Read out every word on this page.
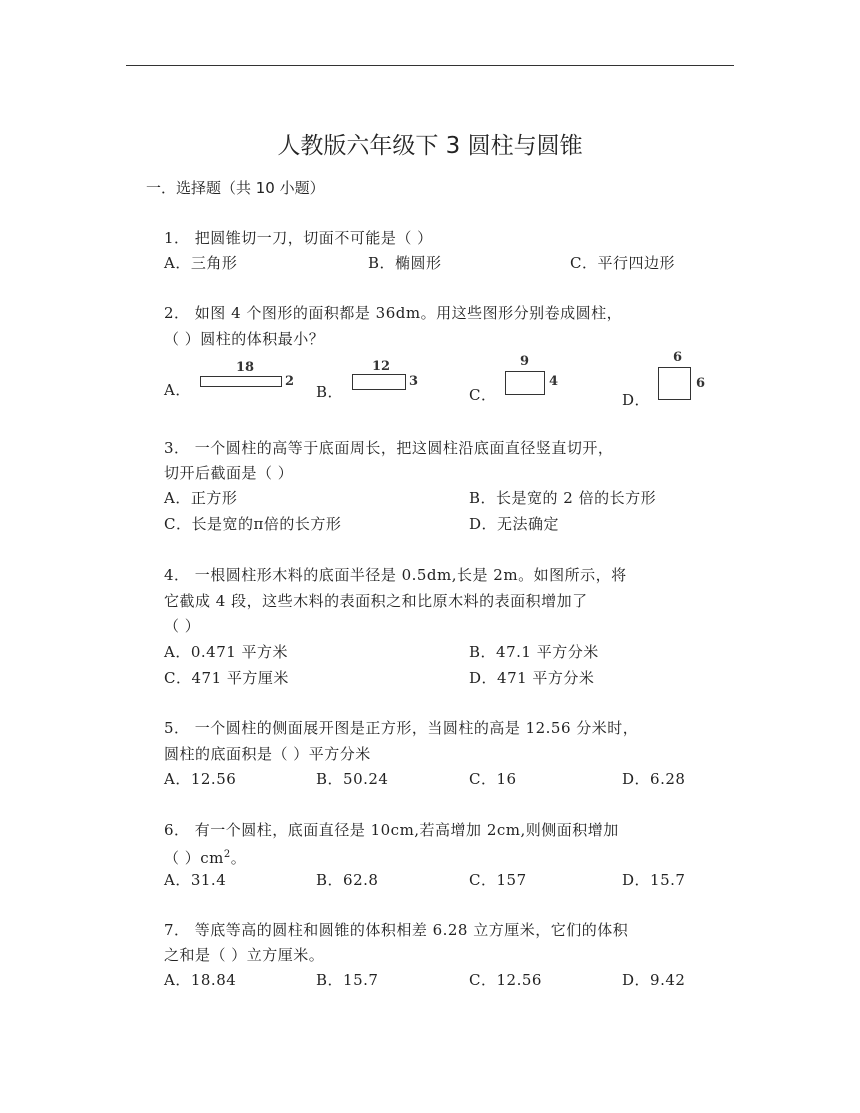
人教版六年级下 3 圆柱与圆锥
一．选择题（共 10 小题）
1． 把圆锥切一刀，切面不可能是（ ）
A．三角形	B．椭圆形	C．平行四边形
2． 如图 4 个图形的面积都是 36dm。用这些图形分别卷成圆柱，
（ ）圆柱的体积最小？
A．
18
2
B．
12
3
C．
9
4
D．
6
6
3． 一个圆柱的高等于底面周长，把这圆柱沿底面直径竖直切开，
切开后截面是（ ）
A．正方形	B．长是宽的 2 倍的长方形
C．长是宽的π倍的长方形	D．无法确定
4． 一根圆柱形木料的底面半径是 0.5dm,长是 2m。如图所示，将
它截成 4 段，这些木料的表面积之和比原木料的表面积增加了
（ ）
A．0.471 平方米	B．47.1 平方分米
C．471 平方厘米	D．471 平方分米
5． 一个圆柱的侧面展开图是正方形，当圆柱的高是 12.56 分米时，
圆柱的底面积是（ ）平方分米
A．12.56	B．50.24	C．16	D．6.28
6． 有一个圆柱，底面直径是 10cm,若高增加 2cm,则侧面积增加
（ ）$cm^2$。
A．31.4	B．62.8	C．157	D．15.7
7． 等底等高的圆柱和圆锥的体积相差 6.28 立方厘米，它们的体积
之和是（ ）立方厘米。
A．18.84	B．15.7	C．12.56	D．9.42
